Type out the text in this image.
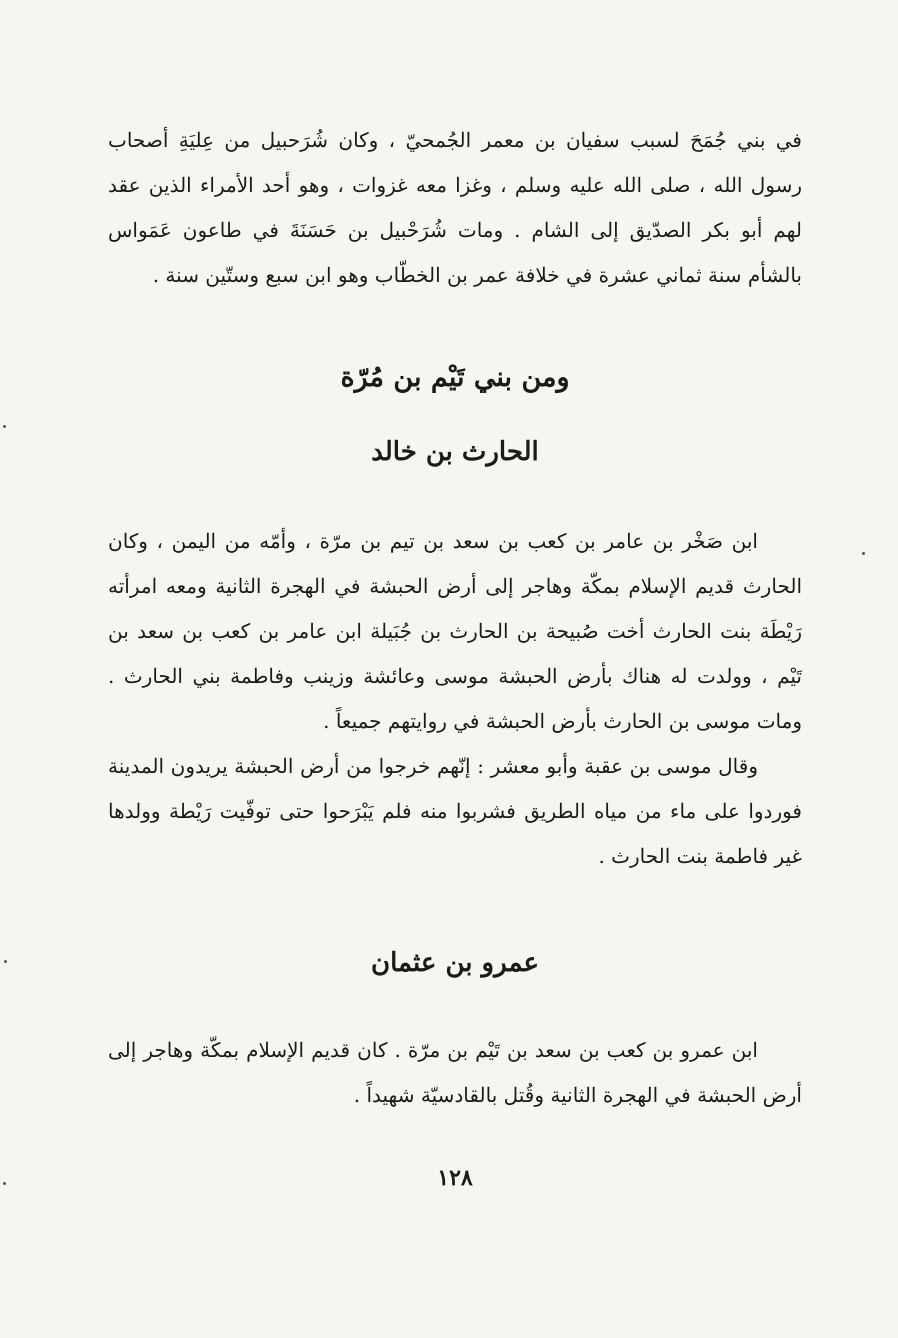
في بني جُمَحَ لسبب سفيان بن معمر الجُمحيّ ، وكان شُرَحبيل من عِليَةِ أصحاب رسول الله ، صلى الله عليه وسلم ، وغزا معه غزوات ، وهو أحد الأمراء الذين عقد لهم أبو بكر الصدّيق إلى الشام . ومات شُرَحْبيل بن حَسَنَةَ في طاعون عَمَواس بالشأم سنة ثماني عشرة في خلافة عمر بن الخطّاب وهو ابن سبع وستّين سنة .

ومن بني تَيْم بن مُرّة
الحارث بن خالد

ابن صَخْر بن عامر بن كعب بن سعد بن تيم بن مرّة ، وأمّه من اليمن ، وكان الحارث قديم الإسلام بمكّة وهاجر إلى أرض الحبشة في الهجرة الثانية ومعه امرأته رَيْطَة بنت الحارث أخت صُبيحة بن الحارث بن جُبَيلة ابن عامر بن كعب بن سعد بن تَيْم ، وولدت له هناك بأرض الحبشة موسى وعائشة وزينب وفاطمة بني الحارث . ومات موسى بن الحارث بأرض الحبشة في روايتهم جميعاً .

وقال موسى بن عقبة وأبو معشر : إنّهم خرجوا من أرض الحبشة يريدون المدينة فوردوا على ماء من مياه الطريق فشربوا منه فلم يَبْرَحوا حتى توفّيت رَيْطة وولدها غير فاطمة بنت الحارث .

عمرو بن عثمان

ابن عمرو بن كعب بن سعد بن تَيْم بن مرّة . كان قديم الإسلام بمكّة وهاجر إلى أرض الحبشة في الهجرة الثانية وقُتل بالقادسيّة شهيداً .

١٢٨
